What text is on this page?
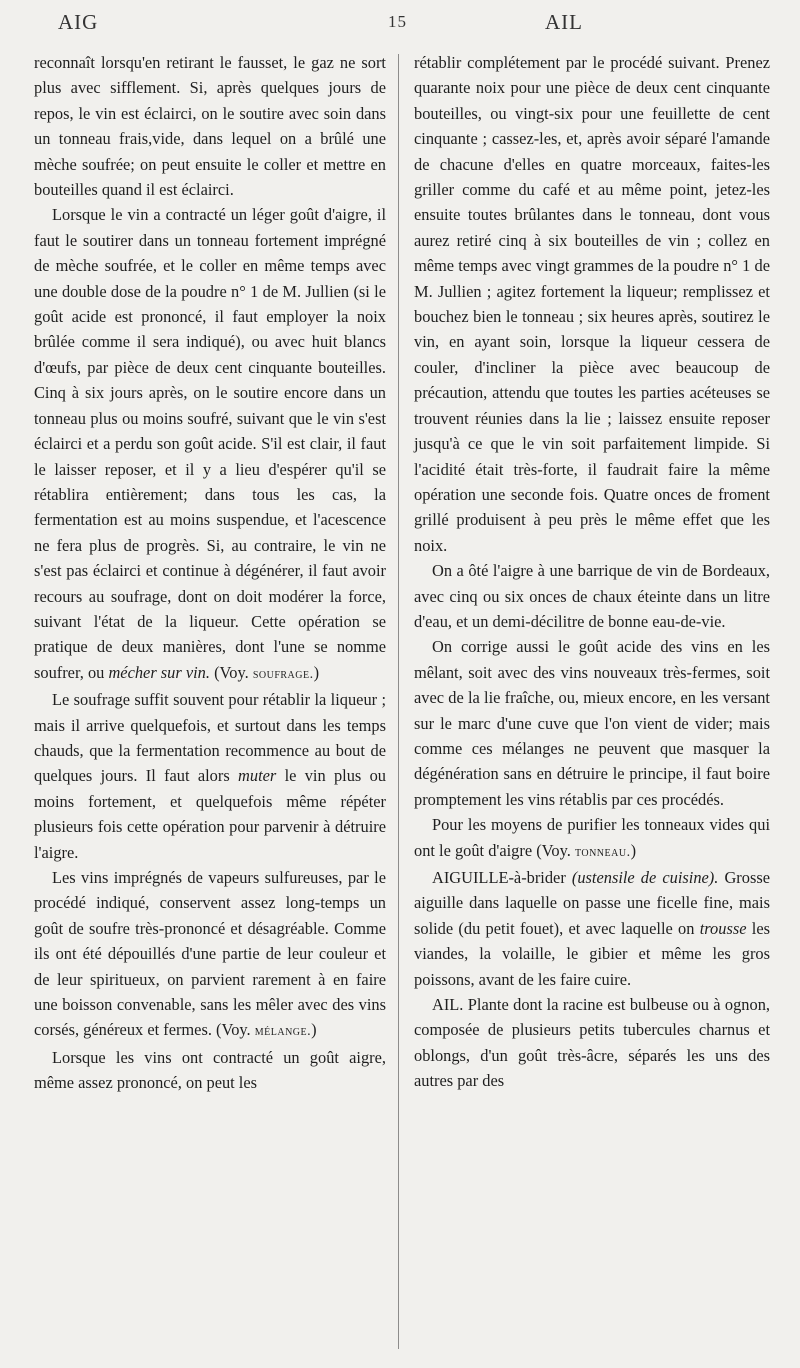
AIG	15	AIL

reconnaît lorsqu'en retirant le fausset, le gaz ne sort plus avec sifflement. Si, après quelques jours de repos, le vin est éclairci, on le soutire avec soin dans un tonneau frais,vide, dans lequel on a brûlé une mèche soufrée; on peut ensuite le coller et mettre en bouteilles quand il est éclairci.

Lorsque le vin a contracté un léger goût d'aigre, il faut le soutirer dans un tonneau fortement imprégné de mèche soufrée, et le coller en même temps avec une double dose de la poudre n° 1 de M. Jullien (si le goût acide est prononcé, il faut employer la noix brûlée comme il sera indiqué), ou avec huit blancs d'œufs, par pièce de deux cent cinquante bouteilles. Cinq à six jours après, on le soutire encore dans un tonneau plus ou moins soufré, suivant que le vin s'est éclairci et a perdu son goût acide. S'il est clair, il faut le laisser reposer, et il y a lieu d'espérer qu'il se rétablira entièrement; dans tous les cas, la fermentation est au moins suspendue, et l'acescence ne fera plus de progrès. Si, au contraire, le vin ne s'est pas éclairci et continue à dégénérer, il faut avoir recours au soufrage, dont on doit modérer la force, suivant l'état de la liqueur. Cette opération se pratique de deux manières, dont l'une se nomme soufrer, ou mécher sur vin. (Voy. soufrage.)

Le soufrage suffit souvent pour rétablir la liqueur ; mais il arrive quelquefois, et surtout dans les temps chauds, que la fermentation recommence au bout de quelques jours. Il faut alors muter le vin plus ou moins fortement, et quelquefois même répéter plusieurs fois cette opération pour parvenir à détruire l'aigre.

Les vins imprégnés de vapeurs sulfureuses, par le procédé indiqué, conservent assez long-temps un goût de soufre très-prononcé et désagréable. Comme ils ont été dépouillés d'une partie de leur couleur et de leur spiritueux, on parvient rarement à en faire une boisson convenable, sans les mêler avec des vins corsés, généreux et fermes. (Voy. mélange.)

Lorsque les vins ont contracté un goût aigre, même assez prononcé, on peut les

rétablir complétement par le procédé suivant. Prenez quarante noix pour une pièce de deux cent cinquante bouteilles, ou vingt-six pour une feuillette de cent cinquante ; cassez-les, et, après avoir séparé l'amande de chacune d'elles en quatre morceaux, faites-les griller comme du café et au même point, jetez-les ensuite toutes brûlantes dans le tonneau, dont vous aurez retiré cinq à six bouteilles de vin ; collez en même temps avec vingt grammes de la poudre n° 1 de M. Jullien ; agitez fortement la liqueur; remplissez et bouchez bien le tonneau ; six heures après, soutirez le vin, en ayant soin, lorsque la liqueur cessera de couler, d'incliner la pièce avec beaucoup de précaution, attendu que toutes les parties acéteuses se trouvent réunies dans la lie ; laissez ensuite reposer jusqu'à ce que le vin soit parfaitement limpide. Si l'acidité était très-forte, il faudrait faire la même opération une seconde fois. Quatre onces de froment grillé produisent à peu près le même effet que les noix.

On a ôté l'aigre à une barrique de vin de Bordeaux, avec cinq ou six onces de chaux éteinte dans un litre d'eau, et un demi-décilitre de bonne eau-de-vie.

On corrige aussi le goût acide des vins en les mêlant, soit avec des vins nouveaux très-fermes, soit avec de la lie fraîche, ou, mieux encore, en les versant sur le marc d'une cuve que l'on vient de vider; mais comme ces mélanges ne peuvent que masquer la dégénération sans en détruire le principe, il faut boire promptement les vins rétablis par ces procédés.

Pour les moyens de purifier les tonneaux vides qui ont le goût d'aigre (Voy. tonneau.)

AIGUILLE-à-brider (ustensile de cuisine). Grosse aiguille dans laquelle on passe une ficelle fine, mais solide (du petit fouet), et avec laquelle on trousse les viandes, la volaille, le gibier et même les gros poissons, avant de les faire cuire.

AIL. Plante dont la racine est bulbeuse ou à ognon, composée de plusieurs petits tubercules charnus et oblongs, d'un goût très-âcre, séparés les uns des autres par des
